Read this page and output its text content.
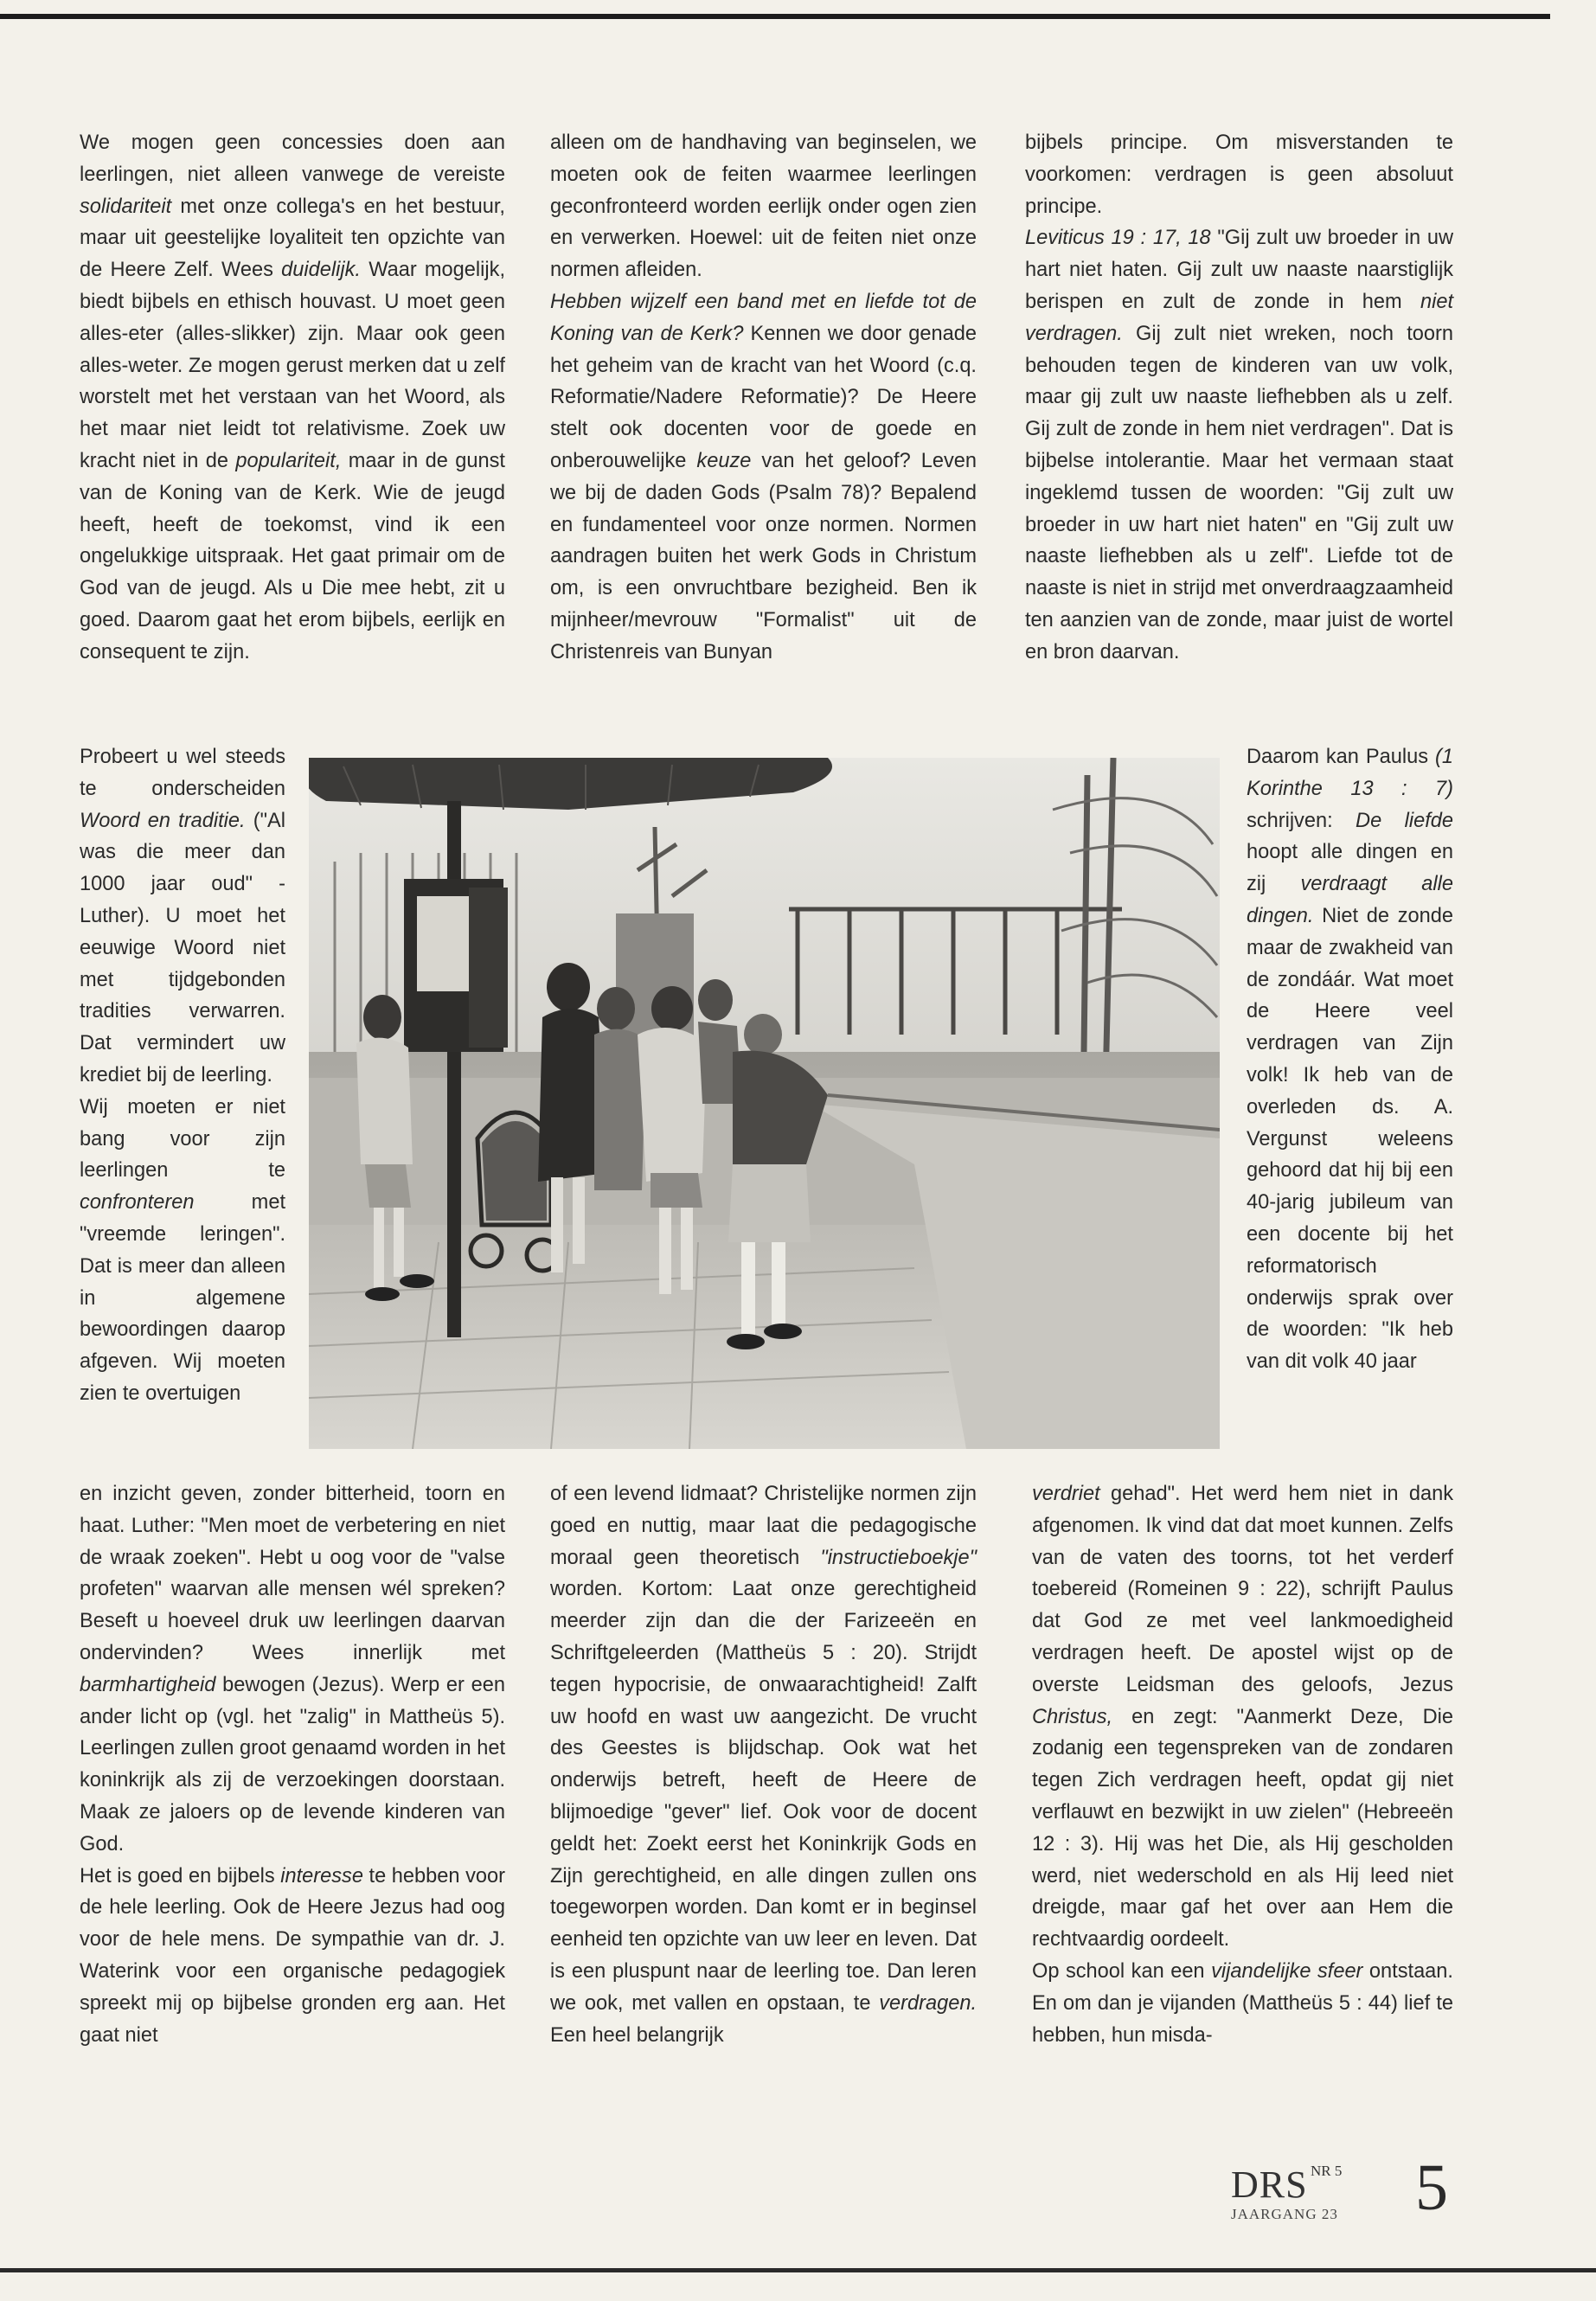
We mogen geen concessies doen aan leerlingen, niet alleen vanwege de vereiste solidariteit met onze collega's en het bestuur, maar uit geestelijke loyaliteit ten opzichte van de Heere Zelf. Wees duidelijk. Waar mogelijk, biedt bijbels en ethisch houvast. U moet geen alles-eter (alles-slikker) zijn. Maar ook geen alles-weter. Ze mogen gerust merken dat u zelf worstelt met het verstaan van het Woord, als het maar niet leidt tot relativisme. Zoek uw kracht niet in de populariteit, maar in de gunst van de Koning van de Kerk. Wie de jeugd heeft, heeft de toekomst, vind ik een ongelukkige uitspraak. Het gaat primair om de God van de jeugd. Als u Die mee hebt, zit u goed. Daarom gaat het erom bijbels, eerlijk en consequent te zijn.

alleen om de handhaving van beginselen, we moeten ook de feiten waarmee leerlingen geconfronteerd worden eerlijk onder ogen zien en verwerken. Hoewel: uit de feiten niet onze normen afleiden.

Hebben wijzelf een band met en liefde tot de Koning van de Kerk? Kennen we door genade het geheim van de kracht van het Woord (c.q. Reformatie/Nadere Reformatie)? De Heere stelt ook docenten voor de goede en onberouwelijke keuze van het geloof? Leven we bij de daden Gods (Psalm 78)? Bepalend en fundamenteel voor onze normen. Normen aandragen buiten het werk Gods in Christum om, is een onvruchtbare bezigheid. Ben ik mijnheer/mevrouw "Formalist" uit de Christenreis van Bunyan

bijbels principe. Om misverstanden te voorkomen: verdragen is geen absoluut principe.

Leviticus 19 : 17, 18 "Gij zult uw broeder in uw hart niet haten. Gij zult uw naaste naarstiglijk berispen en zult de zonde in hem niet verdragen. Gij zult niet wreken, noch toorn behouden tegen de kinderen van uw volk, maar gij zult uw naaste liefhebben als u zelf. Gij zult de zonde in hem niet verdragen". Dat is bijbelse intolerantie. Maar het vermaan staat ingeklemd tussen de woorden: "Gij zult uw broeder in uw hart niet haten" en "Gij zult uw naaste liefhebben als u zelf". Liefde tot de naaste is niet in strijd met onverdraagzaamheid ten aanzien van de zonde, maar juist de wortel en bron daarvan.

Probeert u wel steeds te onderscheiden Woord en traditie. ("Al was die meer dan 1000 jaar oud" - Luther). U moet het eeuwige Woord niet met tijdgebonden tradities verwarren. Dat vermindert uw krediet bij de leerling.

Wij moeten er niet bang voor zijn leerlingen te confronteren met "vreemde leringen". Dat is meer dan alleen in algemene bewoordingen daarop afgeven. Wij moeten zien te overtuigen

Daarom kan Paulus (1 Korinthe 13 : 7) schrijven: De liefde hoopt alle dingen en zij verdraagt alle dingen. Niet de zonde maar de zwakheid van de zondáár. Wat moet de Heere veel verdragen van Zijn volk! Ik heb van de overleden ds. A. Vergunst weleens gehoord dat hij bij een 40-jarig jubileum van een docente bij het reformatorisch onderwijs sprak over de woorden: "Ik heb van dit volk 40 jaar

en inzicht geven, zonder bitterheid, toorn en haat. Luther: "Men moet de verbetering en niet de wraak zoeken". Hebt u oog voor de "valse profeten" waarvan alle mensen wél spreken? Beseft u hoeveel druk uw leerlingen daarvan ondervinden? Wees innerlijk met barmhartigheid bewogen (Jezus). Werp er een ander licht op (vgl. het "zalig" in Mattheüs 5). Leerlingen zullen groot genaamd worden in het koninkrijk als zij de verzoekingen doorstaan. Maak ze jaloers op de levende kinderen van God.

Het is goed en bijbels interesse te hebben voor de hele leerling. Ook de Heere Jezus had oog voor de hele mens. De sympathie van dr. J. Waterink voor een organische pedagogiek spreekt mij op bijbelse gronden erg aan. Het gaat niet

of een levend lidmaat? Christelijke normen zijn goed en nuttig, maar laat die pedagogische moraal geen theoretisch "instructieboekje" worden. Kortom: Laat onze gerechtigheid meerder zijn dan die der Farizeeën en Schriftgeleerden (Mattheüs 5 : 20). Strijdt tegen hypocrisie, de onwaarachtigheid! Zalft uw hoofd en wast uw aangezicht. De vrucht des Geestes is blijdschap. Ook wat het onderwijs betreft, heeft de Heere de blijmoedige "gever" lief. Ook voor de docent geldt het: Zoekt eerst het Koninkrijk Gods en Zijn gerechtigheid, en alle dingen zullen ons toegeworpen worden. Dan komt er in beginsel eenheid ten opzichte van uw leer en leven. Dat is een pluspunt naar de leerling toe. Dan leren we ook, met vallen en opstaan, te verdragen. Een heel belangrijk

verdriet gehad". Het werd hem niet in dank afgenomen. Ik vind dat dat moet kunnen. Zelfs van de vaten des toorns, tot het verderf toebereid (Romeinen 9 : 22), schrijft Paulus dat God ze met veel lankmoedigheid verdragen heeft. De apostel wijst op de overste Leidsman des geloofs, Jezus Christus, en zegt: "Aanmerkt Deze, Die zodanig een tegenspreken van de zondaren tegen Zich verdragen heeft, opdat gij niet verflauwt en bezwijkt in uw zielen" (Hebreeën 12 : 3). Hij was het Die, als Hij gescholden werd, niet wederschold en als Hij leed niet dreigde, maar gaf het over aan Hem die rechtvaardig oordeelt.

Op school kan een vijandelijke sfeer ontstaan. En om dan je vijanden (Mattheüs 5 : 44) lief te hebben, hun misda-

DRS NR 5
JAARGANG 23 5
